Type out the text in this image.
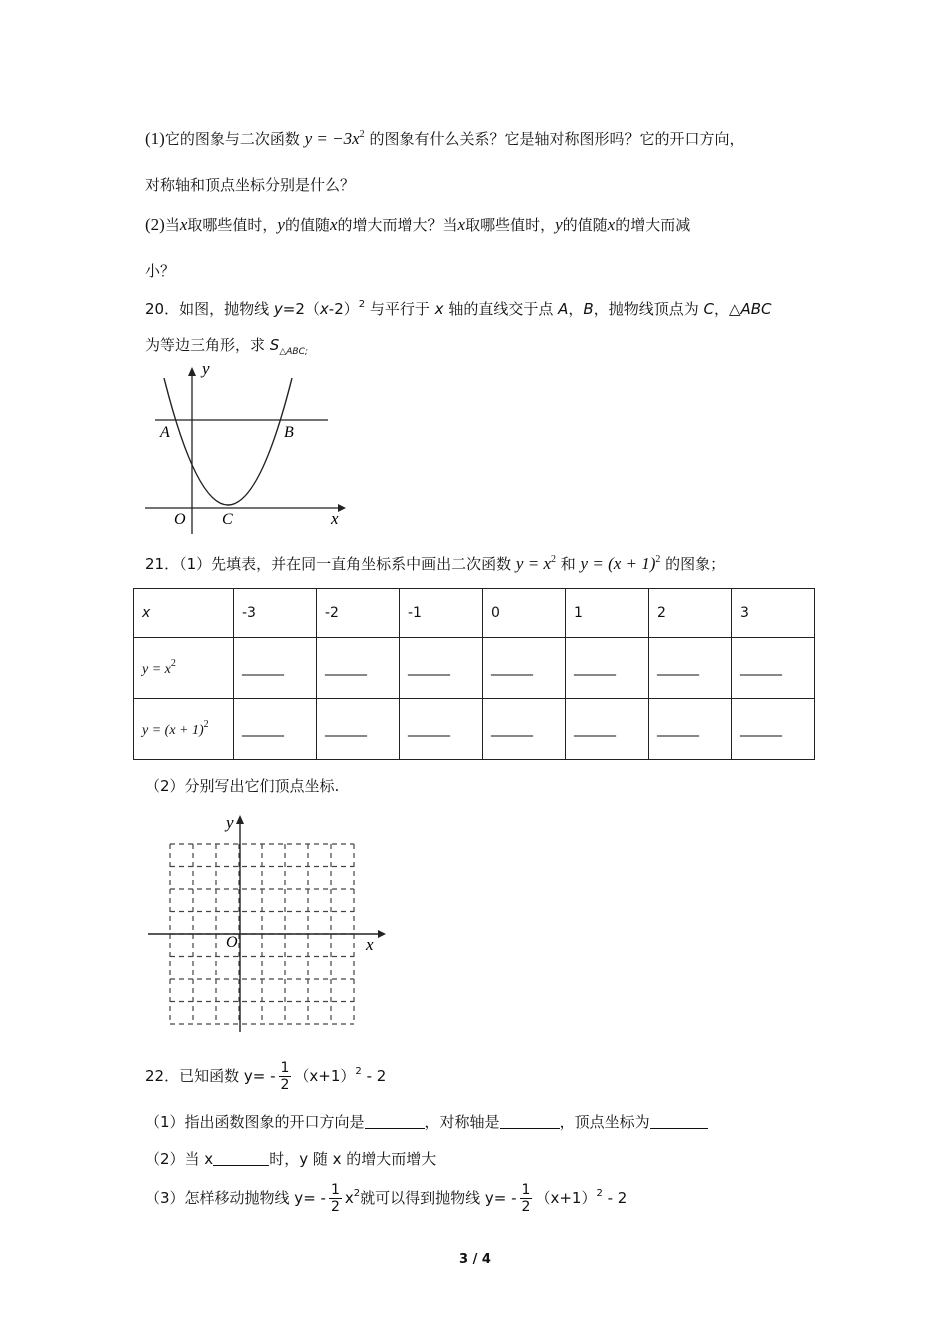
(1)它的图象与二次函数 $y = -3x^2$ 的图象有什么关系？它是轴对称图形吗？它的开口方向，
对称轴和顶点坐标分别是什么？
(2)当x取哪些值时，y的值随x的增大而增大？当x取哪些值时，y的值随x的增大而减
小？
20．如图，抛物线 $y=2(x-2)^2$ 与平行于 x 轴的直线交于点 A，B，抛物线顶点为 C，△ABC
为等边三角形，求 $S_{\triangle ABC;}$
y
x
A	B
O C
21．（1）先填表，并在同一直角坐标系中画出二次函数 $y = x^2$ 和 $y = (x + 1)^2$ 的图象；
x	-3	-2	-1	0	1	2	3
$y = x^2$	______	______	______	______	______	______	______
$y = (x + 1)^2$	______	______	______	______	______	______	______
（2）分别写出它们顶点坐标.
y
x
O
22．已知函数 $y= - \frac{1}{2} (x+1)^2 - 2$
（1）指出函数图象的开口方向是	，对称轴是	，顶点坐标为
（2）当 x	时，y 随 x 的增大而增大
（3）怎样移动抛物线 $y= - \frac{1}{2} x^2$就可以得到抛物线 $y= - \frac{1}{2} (x+1)^2 - 2$
3 / 4
